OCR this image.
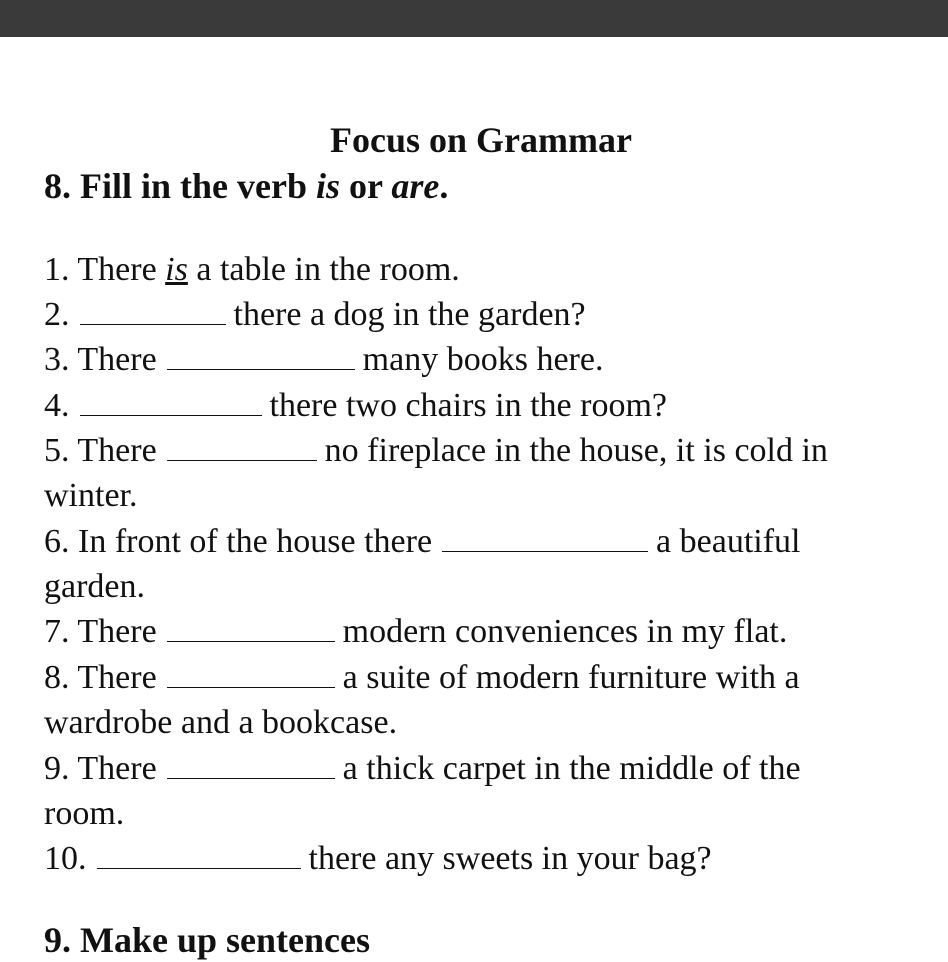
Focus on Grammar
8. Fill in the verb is or are.
1. There is a table in the room.
2.	there a dog in the garden?
3. There	many books here.
4.	there two chairs in the room?
5. There	no fireplace in the house, it is cold in
winter.
6. In front of the house there	a beautiful
garden.
7. There	modern conveniences in my flat.
8. There	a suite of modern furniture with a
wardrobe and a bookcase.
9. There	a thick carpet in the middle of the
room.
10.	there any sweets in your bag?
9. Make up sentences
